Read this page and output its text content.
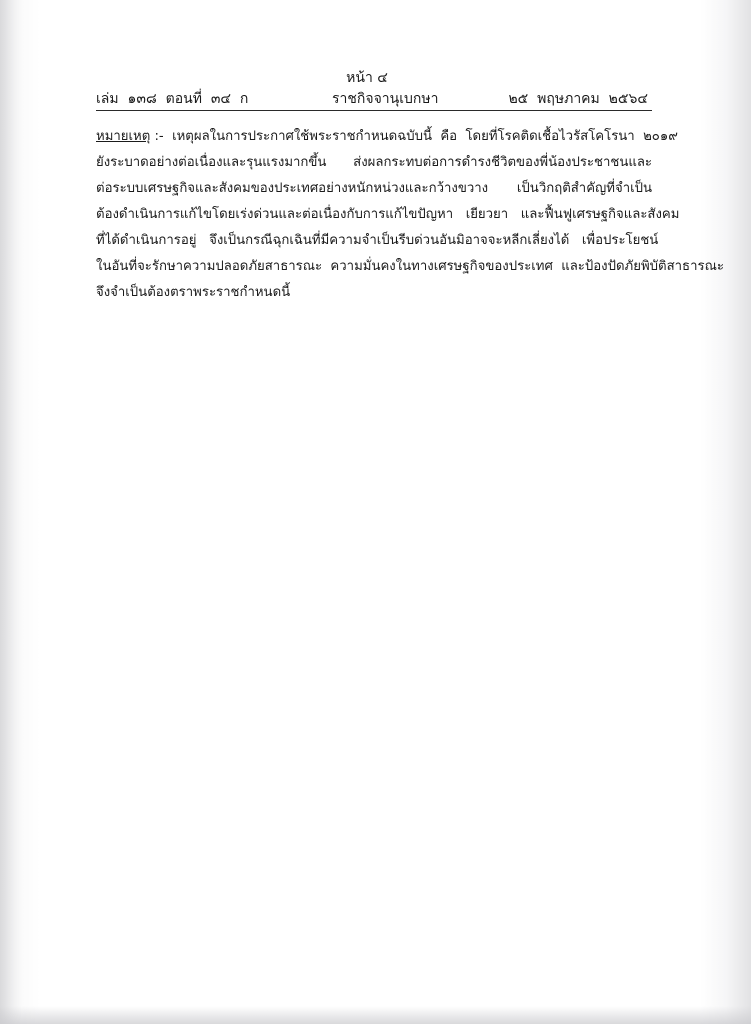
หน้า ๔
เล่ม  ๑๓๘  ตอนที่  ๓๔  ก	ราชกิจจานุเบกษา	๒๕  พฤษภาคม  ๒๕๖๔
หมายเหตุ :-  เหตุผลในการประกาศใช้พระราชกำหนดฉบับนี้  คือ  โดยที่โรคติดเชื้อไวรัสโคโรนา  ๒๐๑๙
ยังระบาดอย่างต่อเนื่องและรุนแรงมากขึ้น  ส่งผลกระทบต่อการดำรงชีวิตของพี่น้องประชาชนและ
ต่อระบบเศรษฐกิจและสังคมของประเทศอย่างหนักหน่วงและกว้างขวาง   เป็นวิกฤติสำคัญที่จำเป็น
ต้องดำเนินการแก้ไขโดยเร่งด่วนและต่อเนื่องกับการแก้ไขปัญหา   เยียวยา   และฟื้นฟูเศรษฐกิจและสังคม
ที่ได้ดำเนินการอยู่   จึงเป็นกรณีฉุกเฉินที่มีความจำเป็นรีบด่วนอันมิอาจจะหลีกเลี่ยงได้   เพื่อประโยชน์
ในอันที่จะรักษาความปลอดภัยสาธารณะ  ความมั่นคงในทางเศรษฐกิจของประเทศ  และป้องปัดภัยพิบัติสาธารณะ
จึงจำเป็นต้องตราพระราชกำหนดนี้
